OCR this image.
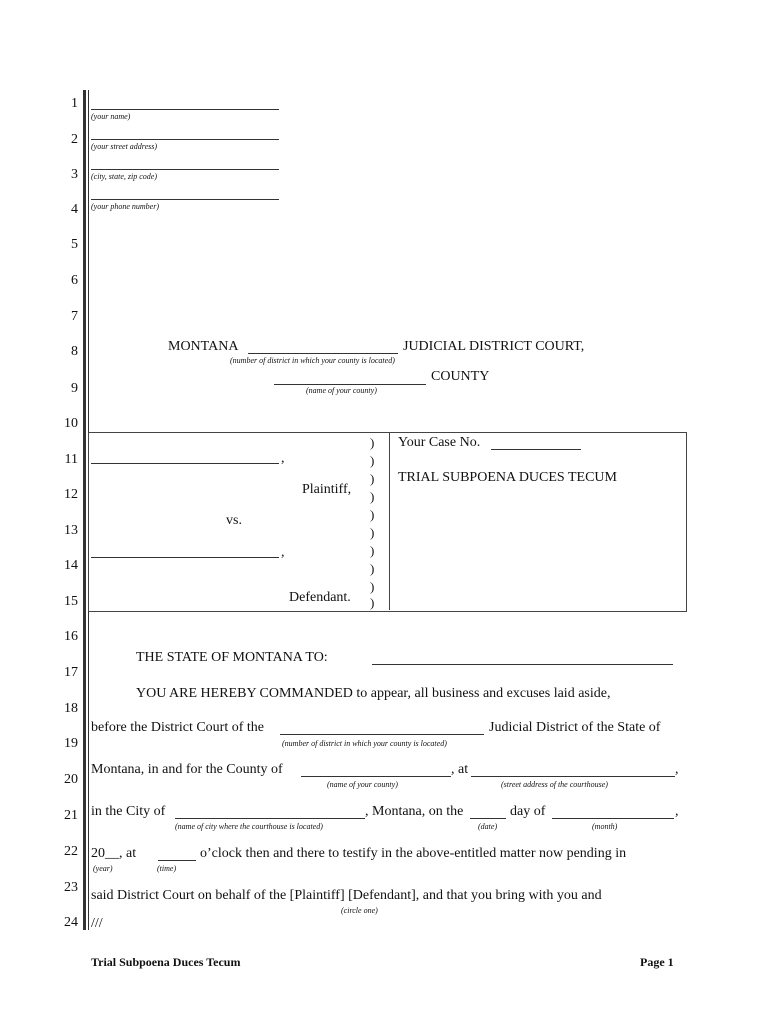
1
2
3
4
5
6
7
8
9
10
11
12
13
14
15
16
17
18
19
20
21
22
23
24
(your name)
(your street address)
(city, state, zip code)
(your phone number)
MONTANA	JUDICIAL DISTRICT COURT,
(number of district in which your county is located)
COUNTY
(name of your county)
,
Plaintiff,
vs.
,
Defendant.
)
)
)
)
)
)
)
)
)
)
Your Case No.
TRIAL SUBPOENA DUCES TECUM
THE STATE OF MONTANA TO:
YOU ARE HEREBY COMMANDED to appear, all business and excuses laid aside,
before the District Court of the	Judicial District of the State of
(number of district in which your county is located)
Montana, in and for the County of	, at	,
(name of your county)	(street address of the courthouse)
in the City of	, Montana, on the	day of	,
(name of city where the courthouse is located)	(date)	(month)
20__, at	o’clock then and there to testify in the above-entitled matter now pending in
(year)	(time)
said District Court on behalf of the [Plaintiff] [Defendant], and that you bring with you and
(circle one)
///
Trial Subpoena Duces Tecum	Page 1
